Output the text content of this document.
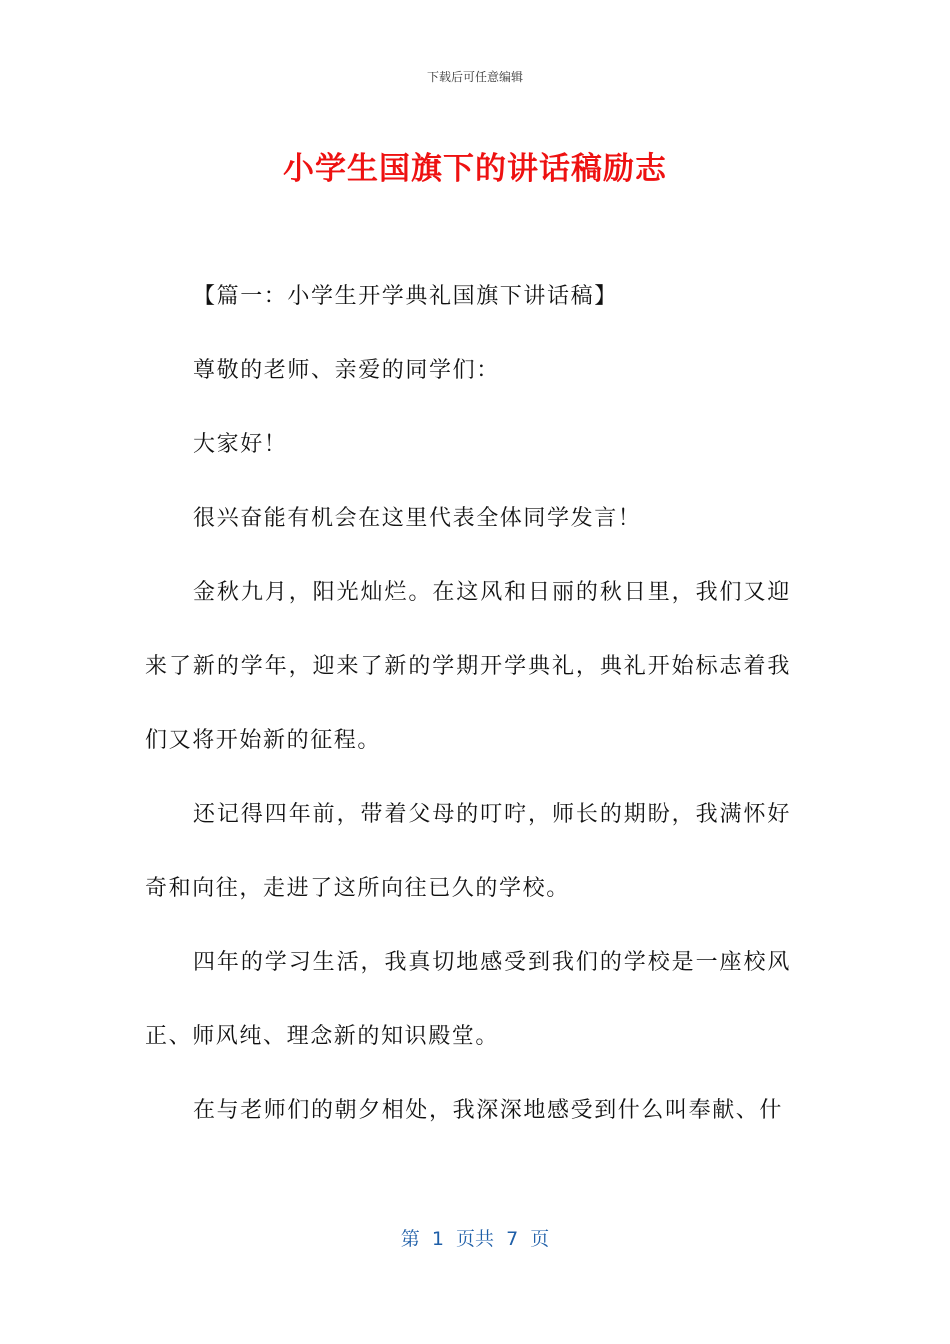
下载后可任意编辑
小学生国旗下的讲话稿励志

【篇一：小学生开学典礼国旗下讲话稿】

尊敬的老师、亲爱的同学们：

大家好！

很兴奋能有机会在这里代表全体同学发言！

金秋九月，阳光灿烂。在这风和日丽的秋日里，我们又迎来了新的学年，迎来了新的学期开学典礼，典礼开始标志着我们又将开始新的征程。

还记得四年前，带着父母的叮咛，师长的期盼，我满怀好奇和向往，走进了这所向往已久的学校。

四年的学习生活，我真切地感受到我们的学校是一座校风正、师风纯、理念新的知识殿堂。

在与老师们的朝夕相处，我深深地感受到什么叫奉献、什

第  1  页共  7  页
